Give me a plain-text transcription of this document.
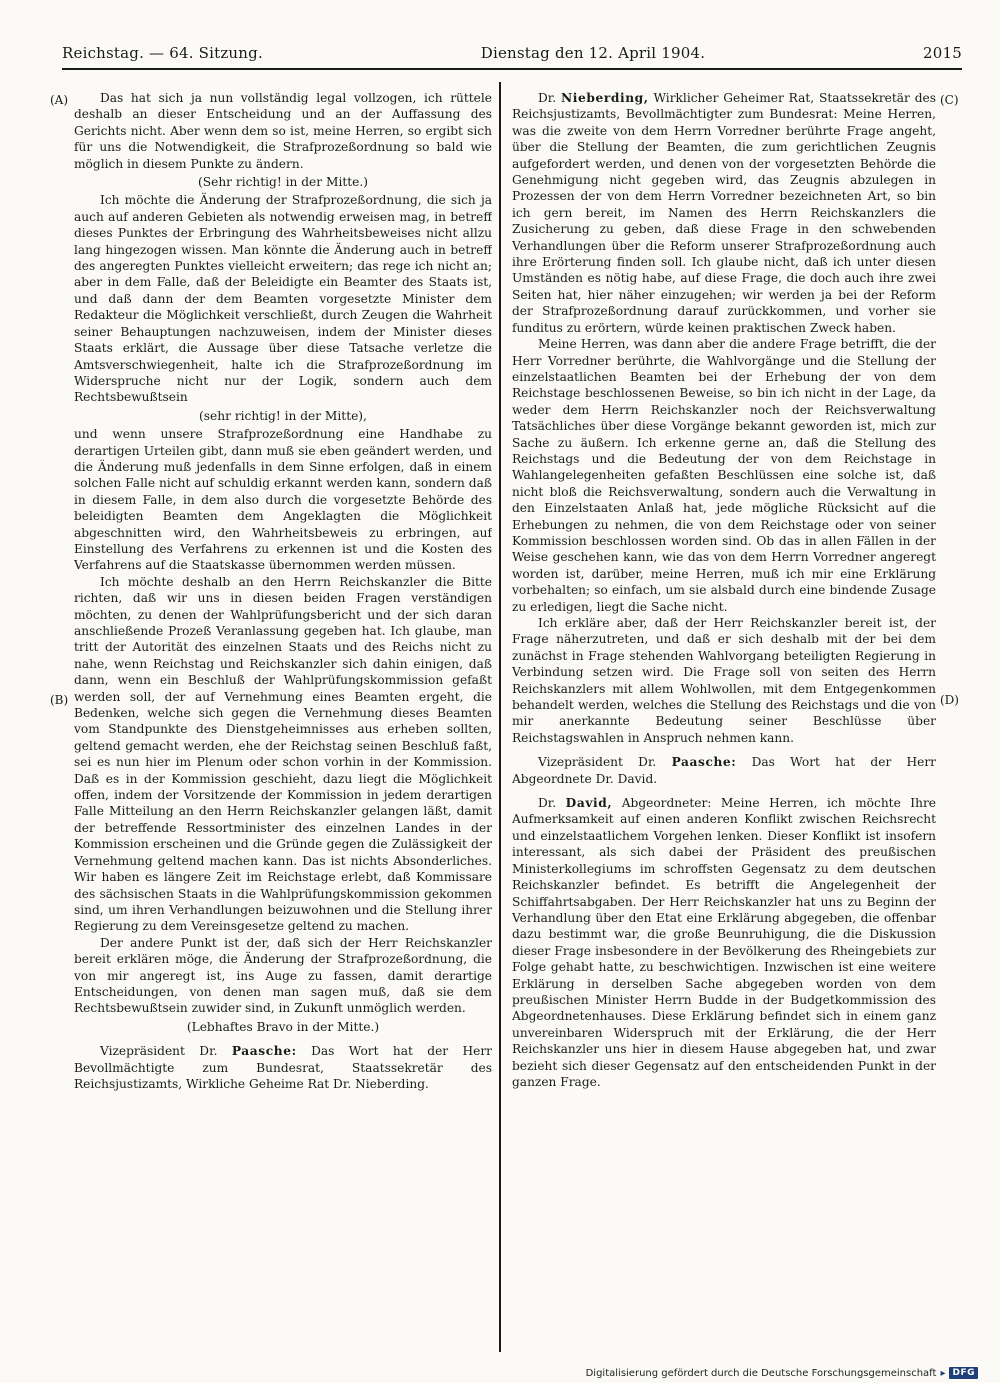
Reichstag. — 64. Sitzung.	Dienstag den 12. April 1904.	2015
(A)
(B)
(C)
(D)

Das hat sich ja nun vollständig legal vollzogen, ich rüttele deshalb an dieser Entscheidung und an der Auffassung des Gerichts nicht. Aber wenn dem so ist, meine Herren, so ergibt sich für uns die Notwendigkeit, die Strafprozeßordnung so bald wie möglich in diesem Punkte zu ändern.

(Sehr richtig! in der Mitte.)

Ich möchte die Änderung der Strafprozeßordnung, die sich ja auch auf anderen Gebieten als notwendig erweisen mag, in betreff dieses Punktes der Erbringung des Wahrheitsbeweises nicht allzu lang hingezogen wissen. Man könnte die Änderung auch in betreff des angeregten Punktes vielleicht erweitern; das rege ich nicht an; aber in dem Falle, daß der Beleidigte ein Beamter des Staats ist, und daß dann der dem Beamten vorgesetzte Minister dem Redakteur die Möglichkeit verschließt, durch Zeugen die Wahrheit seiner Behauptungen nachzuweisen, indem der Minister dieses Staats erklärt, die Aussage über diese Tatsache verletze die Amtsverschwiegenheit, halte ich die Strafprozeßordnung im Widerspruche nicht nur der Logik, sondern auch dem Rechtsbewußtsein

(sehr richtig! in der Mitte),

und wenn unsere Strafprozeßordnung eine Handhabe zu derartigen Urteilen gibt, dann muß sie eben geändert werden, und die Änderung muß jedenfalls in dem Sinne erfolgen, daß in einem solchen Falle nicht auf schuldig erkannt werden kann, sondern daß in diesem Falle, in dem also durch die vorgesetzte Behörde des beleidigten Beamten dem Angeklagten die Möglichkeit abgeschnitten wird, den Wahrheitsbeweis zu erbringen, auf Einstellung des Verfahrens zu erkennen ist und die Kosten des Verfahrens auf die Staatskasse übernommen werden müssen.

Ich möchte deshalb an den Herrn Reichskanzler die Bitte richten, daß wir uns in diesen beiden Fragen verständigen möchten, zu denen der Wahlprüfungsbericht und der sich daran anschließende Prozeß Veranlassung gegeben hat. Ich glaube, man tritt der Autorität des einzelnen Staats und des Reichs nicht zu nahe, wenn Reichstag und Reichskanzler sich dahin einigen, daß dann, wenn ein Beschluß der Wahlprüfungskommission gefaßt werden soll, der auf Vernehmung eines Beamten ergeht, die Bedenken, welche sich gegen die Vernehmung dieses Beamten vom Standpunkte des Dienstgeheimnisses aus erheben sollten, geltend gemacht werden, ehe der Reichstag seinen Beschluß faßt, sei es nun hier im Plenum oder schon vorhin in der Kommission. Daß es in der Kommission geschieht, dazu liegt die Möglichkeit offen, indem der Vorsitzende der Kommission in jedem derartigen Falle Mitteilung an den Herrn Reichskanzler gelangen läßt, damit der betreffende Ressortminister des einzelnen Landes in der Kommission erscheinen und die Gründe gegen die Zulässigkeit der Vernehmung geltend machen kann. Das ist nichts Absonderliches. Wir haben es längere Zeit im Reichstage erlebt, daß Kommissare des sächsischen Staats in die Wahlprüfungskommission gekommen sind, um ihren Verhandlungen beizuwohnen und die Stellung ihrer Regierung zu dem Vereinsgesetze geltend zu machen.

Der andere Punkt ist der, daß sich der Herr Reichskanzler bereit erklären möge, die Änderung der Strafprozeßordnung, die von mir angeregt ist, ins Auge zu fassen, damit derartige Entscheidungen, von denen man sagen muß, daß sie dem Rechtsbewußtsein zuwider sind, in Zukunft unmöglich werden.

(Lebhaftes Bravo in der Mitte.)

Vizepräsident Dr. Paasche: Das Wort hat der Herr Bevollmächtigte zum Bundesrat, Staatssekretär des Reichsjustizamts, Wirkliche Geheime Rat Dr. Nieberding.

Dr. Nieberding, Wirklicher Geheimer Rat, Staatssekretär des Reichsjustizamts, Bevollmächtigter zum Bundesrat: Meine Herren, was die zweite von dem Herrn Vorredner berührte Frage angeht, über die Stellung der Beamten, die zum gerichtlichen Zeugnis aufgefordert werden, und denen von der vorgesetzten Behörde die Genehmigung nicht gegeben wird, das Zeugnis abzulegen in Prozessen der von dem Herrn Vorredner bezeichneten Art, so bin ich gern bereit, im Namen des Herrn Reichskanzlers die Zusicherung zu geben, daß diese Frage in den schwebenden Verhandlungen über die Reform unserer Strafprozeßordnung auch ihre Erörterung finden soll. Ich glaube nicht, daß ich unter diesen Umständen es nötig habe, auf diese Frage, die doch auch ihre zwei Seiten hat, hier näher einzugehen; wir werden ja bei der Reform der Strafprozeßordnung darauf zurückkommen, und vorher sie funditus zu erörtern, würde keinen praktischen Zweck haben.

Meine Herren, was dann aber die andere Frage betrifft, die der Herr Vorredner berührte, die Wahlvorgänge und die Stellung der einzelstaatlichen Beamten bei der Erhebung der von dem Reichstage beschlossenen Beweise, so bin ich nicht in der Lage, da weder dem Herrn Reichskanzler noch der Reichsverwaltung Tatsächliches über diese Vorgänge bekannt geworden ist, mich zur Sache zu äußern. Ich erkenne gerne an, daß die Stellung des Reichstags und die Bedeutung der von dem Reichstage in Wahlangelegenheiten gefaßten Beschlüssen eine solche ist, daß nicht bloß die Reichsverwaltung, sondern auch die Verwaltung in den Einzelstaaten Anlaß hat, jede mögliche Rücksicht auf die Erhebungen zu nehmen, die von dem Reichstage oder von seiner Kommission beschlossen worden sind. Ob das in allen Fällen in der Weise geschehen kann, wie das von dem Herrn Vorredner angeregt worden ist, darüber, meine Herren, muß ich mir eine Erklärung vorbehalten; so einfach, um sie alsbald durch eine bindende Zusage zu erledigen, liegt die Sache nicht.

Ich erkläre aber, daß der Herr Reichskanzler bereit ist, der Frage näherzutreten, und daß er sich deshalb mit der bei dem zunächst in Frage stehenden Wahlvorgang beteiligten Regierung in Verbindung setzen wird. Die Frage soll von seiten des Herrn Reichskanzlers mit allem Wohlwollen, mit dem Entgegenkommen behandelt werden, welches die Stellung des Reichstags und die von mir anerkannte Bedeutung seiner Beschlüsse über Reichstagswahlen in Anspruch nehmen kann.

Vizepräsident Dr. Paasche: Das Wort hat der Herr Abgeordnete Dr. David.

Dr. David, Abgeordneter: Meine Herren, ich möchte Ihre Aufmerksamkeit auf einen anderen Konflikt zwischen Reichsrecht und einzelstaatlichem Vorgehen lenken. Dieser Konflikt ist insofern interessant, als sich dabei der Präsident des preußischen Ministerkollegiums im schroffsten Gegensatz zu dem deutschen Reichskanzler befindet. Es betrifft die Angelegenheit der Schiffahrtsabgaben. Der Herr Reichskanzler hat uns zu Beginn der Verhandlung über den Etat eine Erklärung abgegeben, die offenbar dazu bestimmt war, die große Beunruhigung, die die Diskussion dieser Frage insbesondere in der Bevölkerung des Rheingebiets zur Folge gehabt hatte, zu beschwichtigen. Inzwischen ist eine weitere Erklärung in derselben Sache abgegeben worden von dem preußischen Minister Herrn Budde in der Budgetkommission des Abgeordnetenhauses. Diese Erklärung befindet sich in einem ganz unvereinbaren Widerspruch mit der Erklärung, die der Herr Reichskanzler uns hier in diesem Hause abgegeben hat, und zwar bezieht sich dieser Gegensatz auf den entscheidenden Punkt in der ganzen Frage.

Digitalisierung gefördert durch die Deutsche Forschungsgemeinschaft ▸ DFG
